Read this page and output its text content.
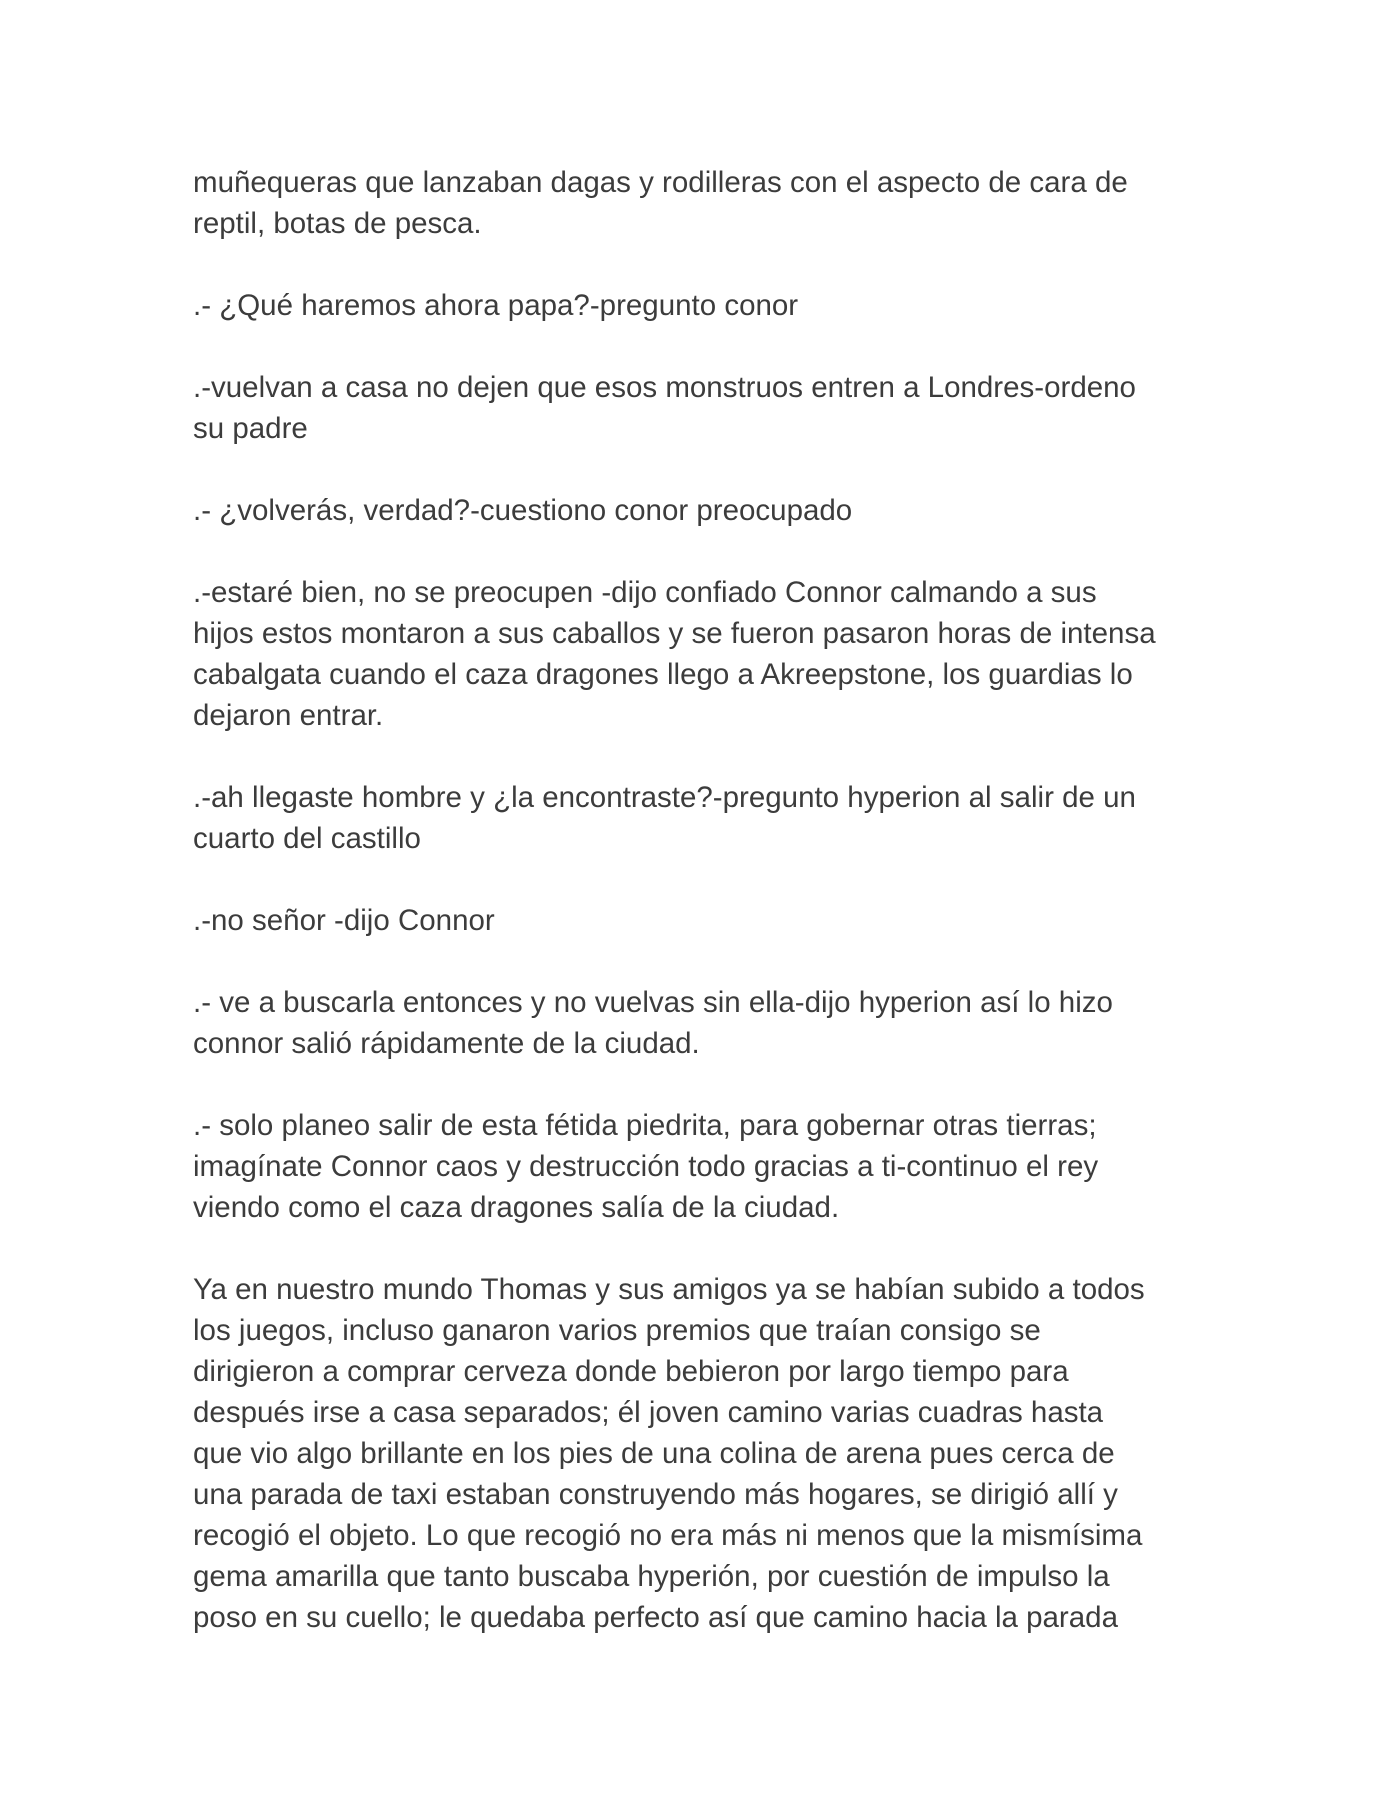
muñequeras que lanzaban dagas y rodilleras con el aspecto de cara de
reptil, botas de pesca.

.- ¿Qué haremos ahora papa?-pregunto conor

.-vuelvan a casa no dejen que esos monstruos entren a Londres-ordeno
su padre

.- ¿volverás, verdad?-cuestiono conor preocupado

.-estaré bien, no se preocupen -dijo confiado Connor calmando a sus
hijos estos montaron a sus caballos y se fueron pasaron horas de intensa
cabalgata cuando el caza dragones llego a Akreepstone, los guardias lo
dejaron entrar.

.-ah llegaste hombre y ¿la encontraste?-pregunto hyperion al salir de un
cuarto del castillo

.-no señor -dijo Connor

.- ve a buscarla entonces y no vuelvas sin ella-dijo hyperion así lo hizo
connor salió rápidamente de la ciudad.

.- solo planeo salir de esta fétida piedrita, para gobernar otras tierras;
imagínate Connor caos y destrucción todo gracias a ti-continuo el rey
viendo como el caza dragones salía de la ciudad.

Ya en nuestro mundo Thomas y sus amigos ya se habían subido a todos
los juegos, incluso ganaron varios premios que traían consigo se
dirigieron a comprar cerveza donde bebieron por largo tiempo para
después irse a casa separados; él joven camino varias cuadras hasta
que vio algo brillante en los pies de una colina de arena pues cerca de
una parada de taxi estaban construyendo más hogares, se dirigió allí y
recogió el objeto. Lo que recogió no era más ni menos que la mismísima
gema amarilla que tanto buscaba hyperión, por cuestión de impulso la
poso en su cuello; le quedaba perfecto así que camino hacia la parada
